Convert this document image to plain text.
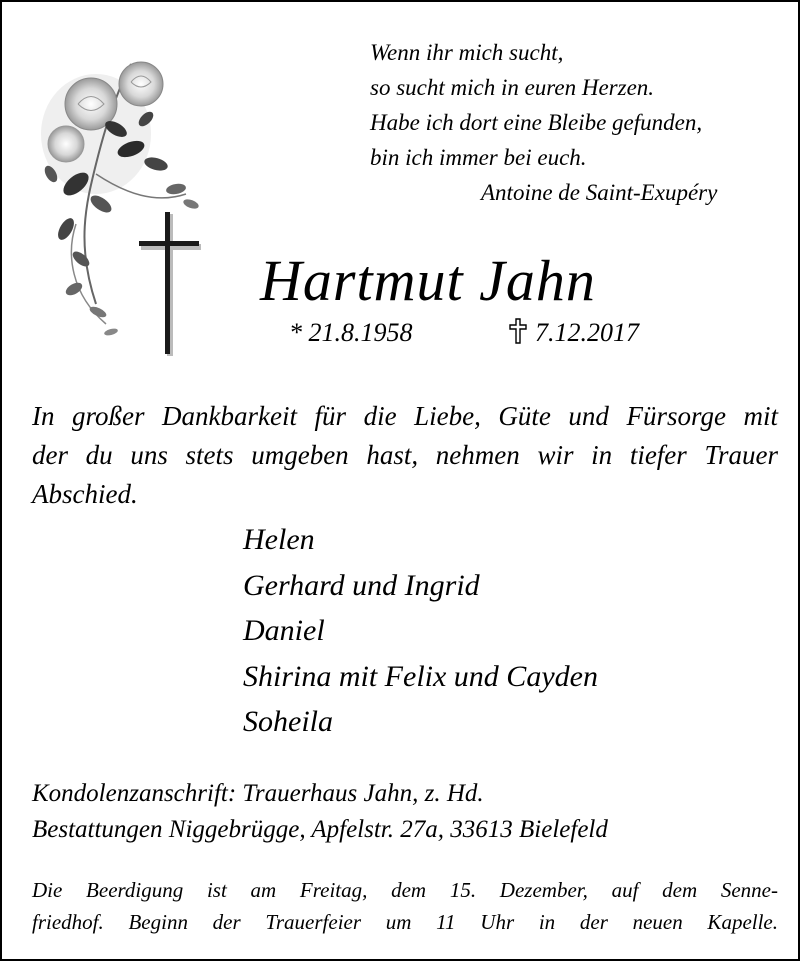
Wenn ihr mich sucht,
so sucht mich in euren Herzen.
Habe ich dort eine Bleibe gefunden,
bin ich immer bei euch.
Antoine de Saint-Exupéry
Hartmut Jahn
* 21.8.1958	7.12.2017
In großer Dankbarkeit für die Liebe, Güte und Fürsorge mit
der du uns stets umgeben hast, nehmen wir in tiefer Trauer
Abschied.
Helen
Gerhard und Ingrid
Daniel
Shirina mit Felix und Cayden
Soheila
Kondolenzanschrift: Trauerhaus Jahn, z. Hd.
Bestattungen Niggebrügge, Apfelstr. 27a, 33613 Bielefeld
Die Beerdigung ist am Freitag, dem 15. Dezember, auf dem Senne-
friedhof. Beginn der Trauerfeier um 11 Uhr in der neuen Kapelle.
